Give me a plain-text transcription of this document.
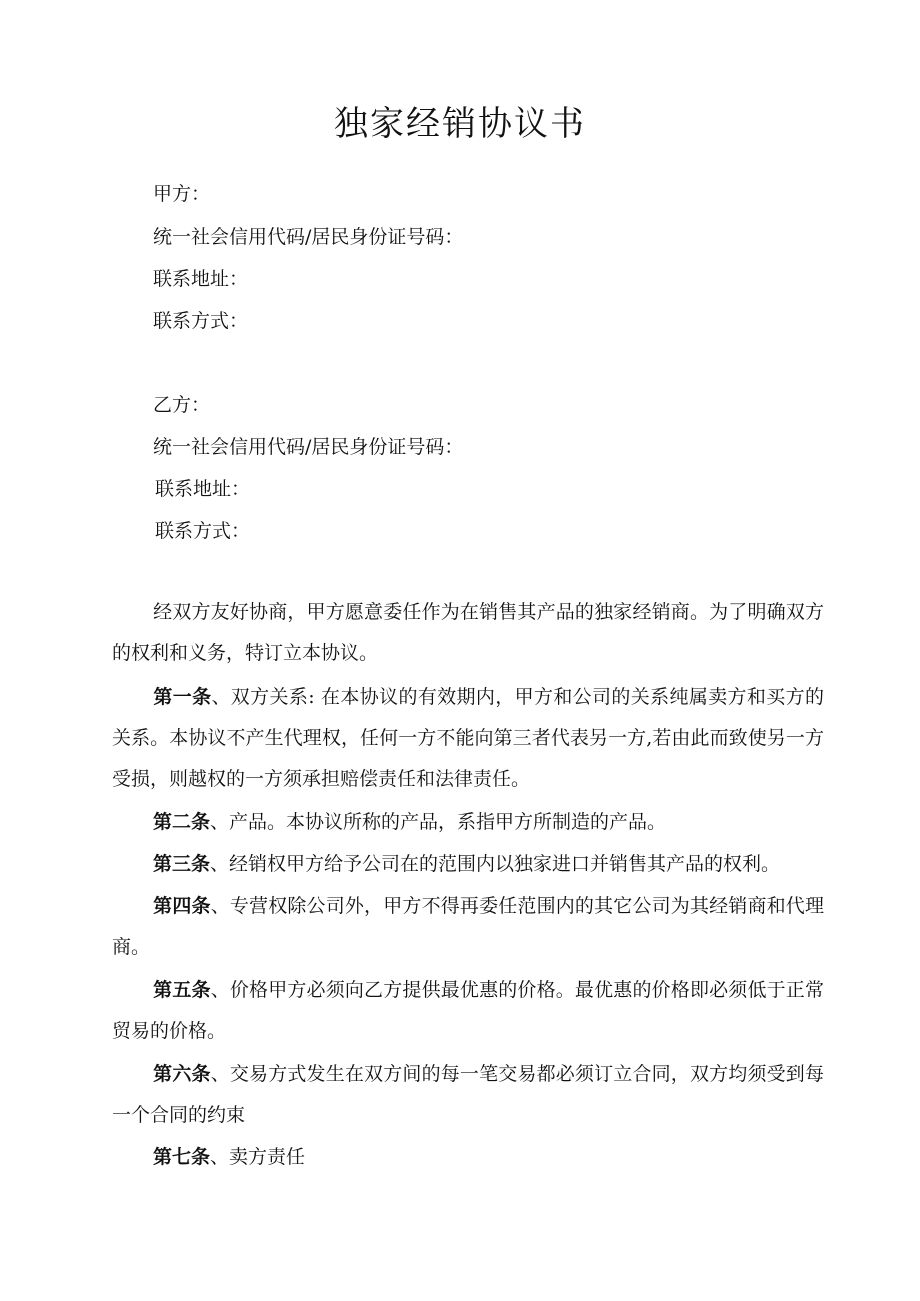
独家经销协议书
甲方：
统一社会信用代码/居民身份证号码：
联系地址：
联系方式：
乙方：
统一社会信用代码/居民身份证号码：
联系地址：
联系方式：

经双方友好协商，甲方愿意委任作为在销售其产品的独家经销商。为了明确双方的权利和义务，特订立本协议。

第一条、双方关系: 在本协议的有效期内，甲方和公司的关系纯属卖方和买方的关系。本协议不产生代理权，任何一方不能向第三者代表另一方,若由此而致使另一方受损，则越权的一方须承担赔偿责任和法律责任。

第二条、产品。本协议所称的产品，系指甲方所制造的产品。

第三条、经销权甲方给予公司在的范围内以独家进口并销售其产品的权利。

第四条、专营权除公司外，甲方不得再委任范围内的其它公司为其经销商和代理商。

第五条、价格甲方必须向乙方提供最优惠的价格。最优惠的价格即必须低于正常贸易的价格。

第六条、交易方式发生在双方间的每一笔交易都必须订立合同，双方均须受到每一个合同的约束

第七条、卖方责任
